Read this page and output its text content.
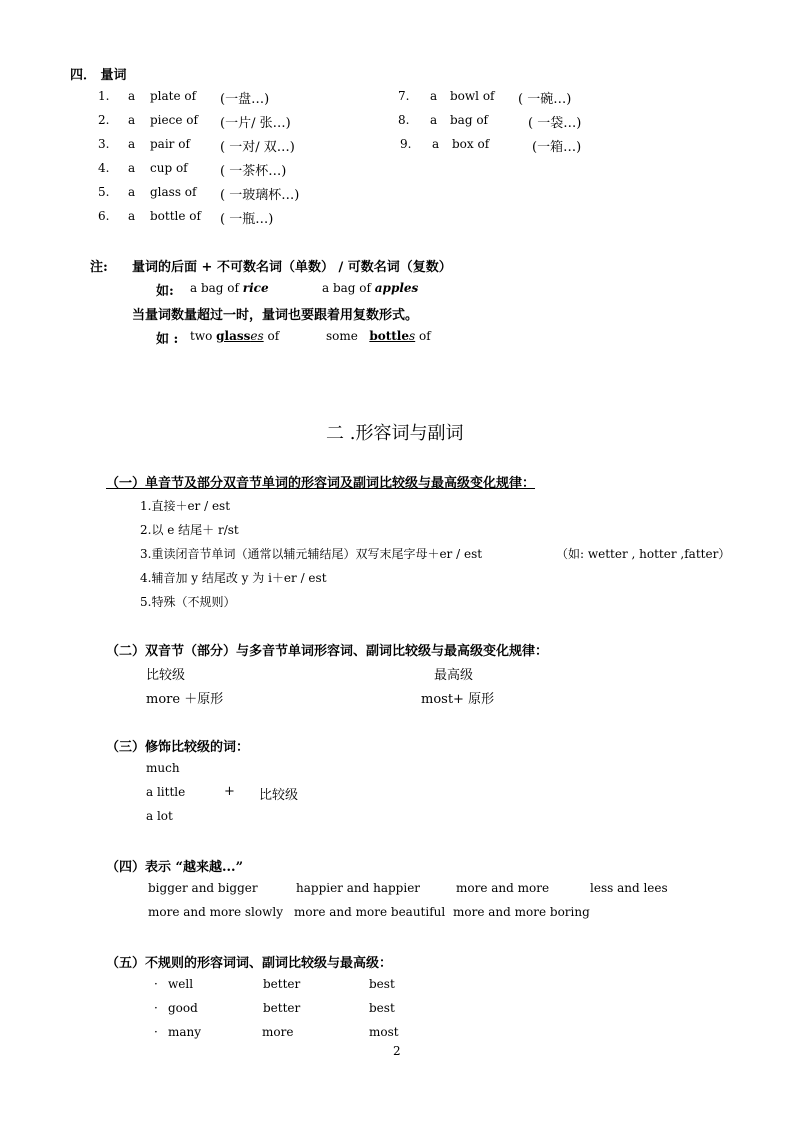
四． 量词
1. a plate of (一盘…)
2. a piece of (一片/ 张…)
3. a pair of ( 一对/ 双…)
4. a cup of ( 一茶杯…)
5. a glass of ( 一玻璃杯…)
6. a bottle of ( 一瓶…)
7. a bowl of ( 一碗…)
8. a bag of	( 一袋…)
9. a box of	(一箱…)
注: 量词的后面 + 不可数名词（单数） / 可数名词（复数）
如: a bag of rice	a bag of apples
当量词数量超过一时，量词也要跟着用复数形式。
如 : two glasses of	some bottles of
二 .形容词与副词
（一）单音节及部分双音节单词的形容词及副词比较级与最高级变化规律：
1.直接＋er / est
2.以 e 结尾＋ r/st
3.重读闭音节单词（通常以辅元辅结尾）双写末尾字母＋er / est
4.辅音加 y 结尾改 y 为 i＋er / est
5.特殊（不规则）
（如: wetter , hotter ,fatter）
（二）双音节（部分）与多音节单词形容词、副词比较级与最高级变化规律：
比较级	最高级
more ＋原形	most+ 原形
（三）修饰比较级的词：
much
a little
a lot
+ 比较级
（四）表示 “越来越...”
bigger and bigger	happier and happier	more and more	less and lees
more and more slowly more and more beautiful more and more boring
（五）不规则的形容词词、副词比较级与最高级：
· well	better	best
· good	better	best
· many	more	most
2
